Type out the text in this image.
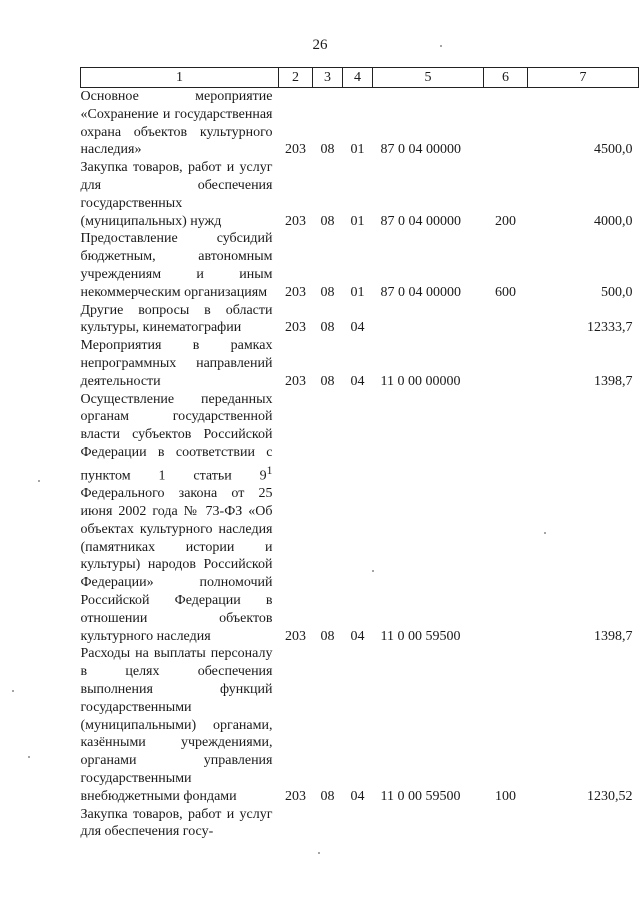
26
1	2	3	4	5	6	7
Основное мероприятие «Сохранение и государственная охрана объектов культурного наследия»	203	08	01	87 0 04 00000		4500,0
Закупка товаров, работ и услуг для обеспечения государственных (муниципальных) нужд	203	08	01	87 0 04 00000	200	4000,0
Предоставление субсидий бюджетным, автономным учреждениям и иным некоммерческим организациям	203	08	01	87 0 04 00000	600	500,0
Другие вопросы в области культуры, кинематографии	203	08	04			12333,7
Мероприятия в рамках непрограммных направлений деятельности	203	08	04	11 0 00 00000		1398,7
Осуществление переданных органам государственной власти субъектов Российской Федерации в соответствии с пунктом 1 статьи $9^1$ Федерального закона от 25 июня 2002 года № 73-ФЗ «Об объектах культурного наследия (памятниках истории и культуры) народов Российской Федерации» полномочий Российской Федерации в отношении объектов культурного наследия	203	08	04	11 0 00 59500		1398,7
Расходы на выплаты персоналу в целях обеспечения выполнения функций государственными (муниципальными) органами, казёнными учреждениями, органами управления государственными внебюджетными фондами	203	08	04	11 0 00 59500	100	1230,52
Закупка товаров, работ и услуг для обеспечения госу-						
